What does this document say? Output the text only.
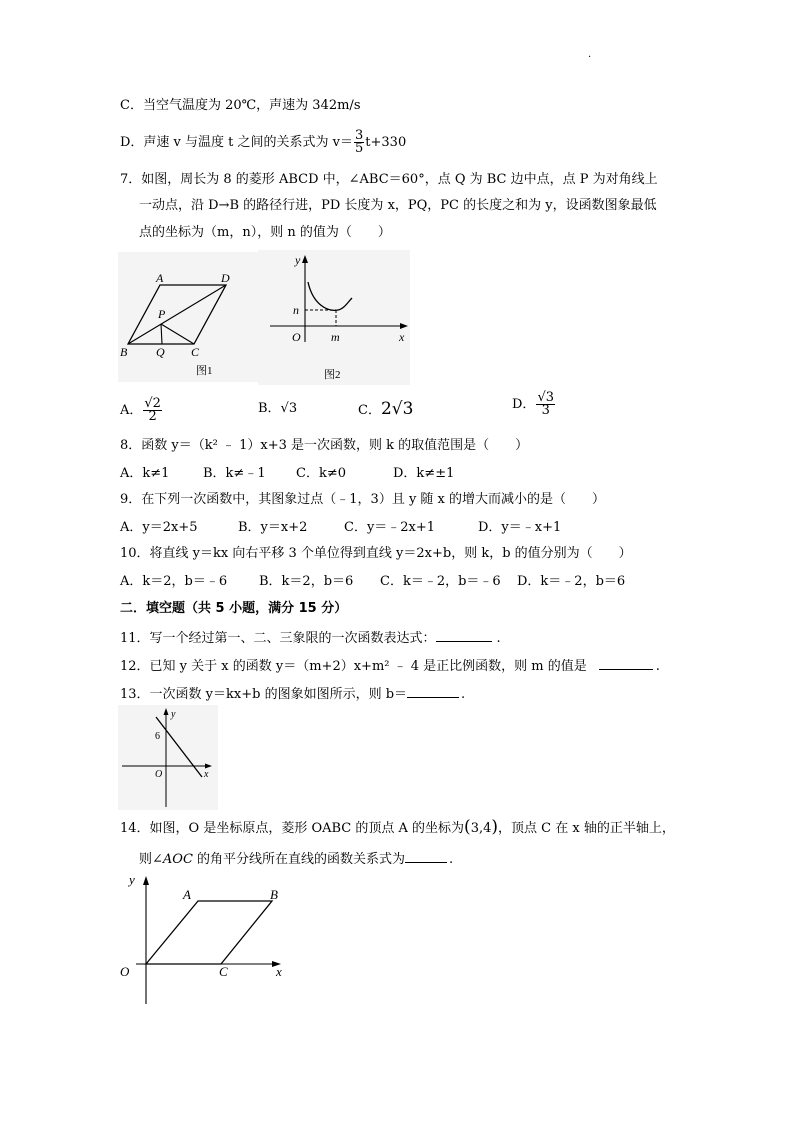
·
C．当空气温度为 20℃，声速为 342m/s
D．声速 v 与温度 t 之间的关系式为 $v= \frac{3}{5} t+330$
7．如图，周长为 8 的菱形 ABCD 中，∠ABC＝60°，点 Q 为 BC 边中点，点 P 为对角线上
一动点，沿 D→B 的路径行进，PD 长度为 x，PQ，PC 的长度之和为 y，设函数图象最低
点的坐标为（m，n），则 n 的值为（　　）
A	D
P
B Q C
图1
y
n
O	m	x
图2
A． $\frac{√2}{2}$	B．√3	C．2√3	D． $\frac{√3}{3}$
8．函数 y＝（k² ﹣ 1）x+3 是一次函数，则 k 的取值范围是（　　）
A．k≠1	B．k≠﹣1 C．k≠0	D．k≠±1
9．在下列一次函数中，其图象过点（﹣1，3）且 y 随 x 的增大而减小的是（　　）
A．y＝2x+5	B．y＝x+2	C．y＝﹣2x+1	D．y＝﹣x+1
10．将直线 y＝kx 向右平移 3 个单位得到直线 y＝2x+b，则 k，b 的值分别为（　　）
A．k＝2，b＝﹣6 B．k＝2，b＝6 C．k＝﹣2，b＝﹣6 D．k＝﹣2，b＝6
二．填空题（共 5 小题，满分 15 分）
11．写一个经过第一、二、三象限的一次函数表达式：	.
12．已知 y 关于 x 的函数 y＝（m+2）x+m² ﹣ 4 是正比例函数，则 m 的值是	.
13．一次函数 y＝kx+b 的图象如图所示，则 b＝	.
y
6
O	x
14．如图，O 是坐标原点，菱形 OABC 的顶点 A 的坐标为(3,4)，顶点 C 在 x 轴的正半轴上，
则∠AOC 的角平分线所在直线的函数关系式为	.
y
A	B
O	C	x
